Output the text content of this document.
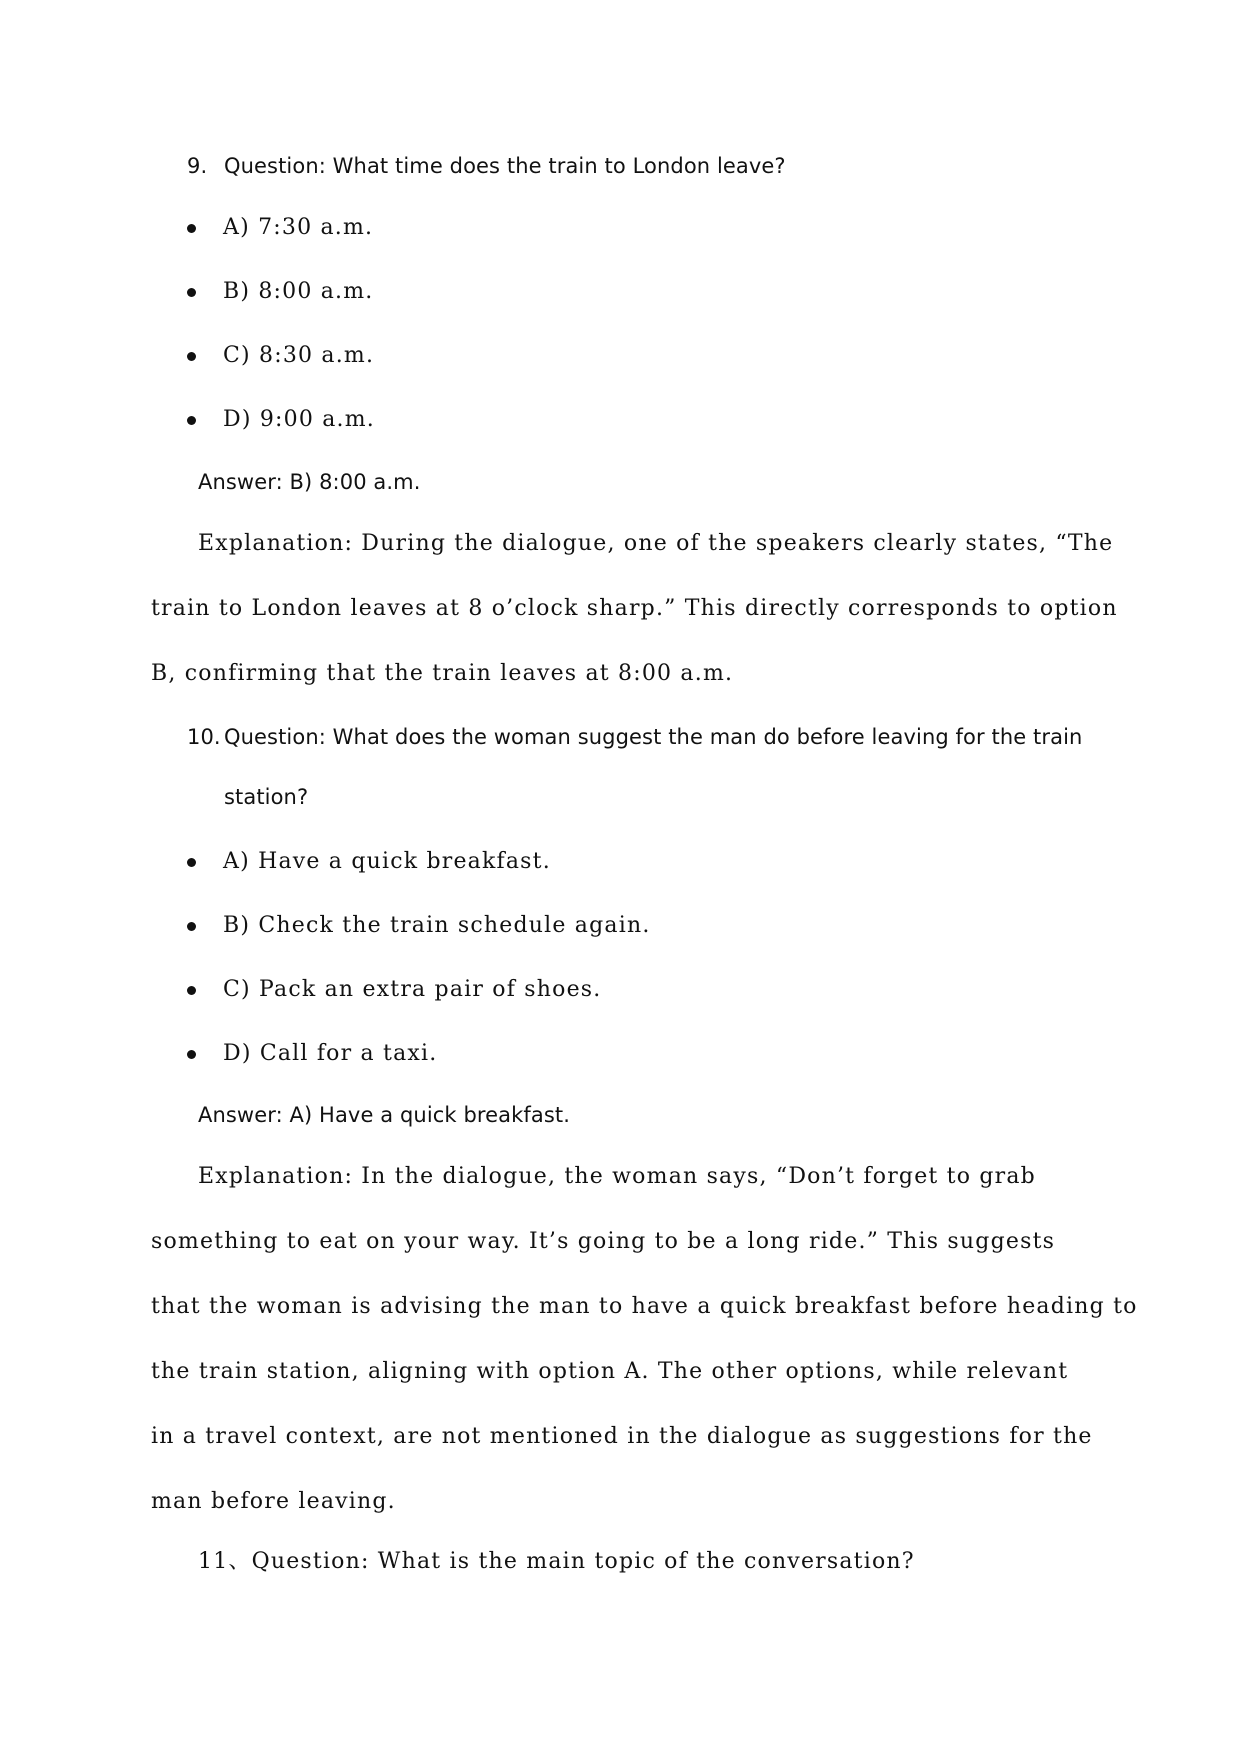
9. Question: What time does the train to London leave?
A) 7:30 a.m.
B) 8:00 a.m.
C) 8:30 a.m.
D) 9:00 a.m.
Answer: B) 8:00 a.m.
Explanation: During the dialogue, one of the speakers clearly states, “The
train to London leaves at 8 o’clock sharp.” This directly corresponds to option
B, confirming that the train leaves at 8:00 a.m.
10. Question: What does the woman suggest the man do before leaving for the train
station?
A) Have a quick breakfast.
B) Check the train schedule again.
C) Pack an extra pair of shoes.
D) Call for a taxi.
Answer: A) Have a quick breakfast.
Explanation: In the dialogue, the woman says, “Don’t forget to grab
something to eat on your way. It’s going to be a long ride.” This suggests
that the woman is advising the man to have a quick breakfast before heading to
the train station, aligning with option A. The other options, while relevant
in a travel context, are not mentioned in the dialogue as suggestions for the
man before leaving.
11、Question: What is the main topic of the conversation?
